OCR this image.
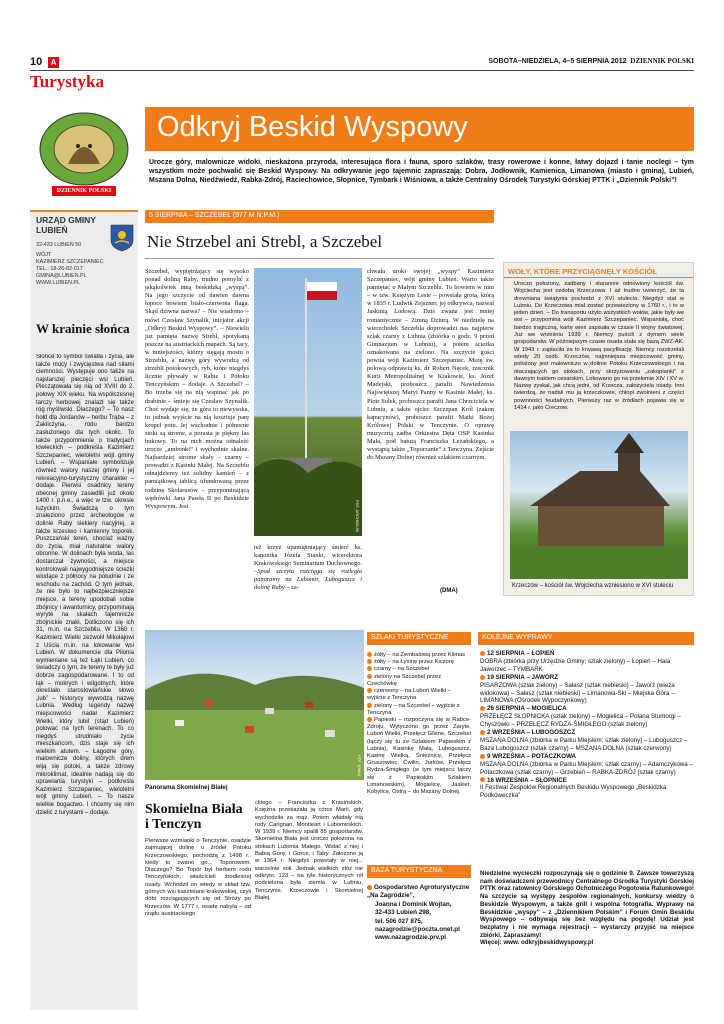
10	A	SOBOTA–NIEDZIELA, 4–5 SIERPNIA 2012 DZIENNIK POLSKI
Turystyka
DZIENNIK POLSKI
Odkryj Beskid Wyspowy
Urocze góry, malownicze widoki, nieskażona przyroda, interesująca flora i fauna, sporo szlaków, trasy rowerowe i konne, łatwy dojazd i tanie noclegi – tym wszystkim może pochwalić się Beskid Wyspowy. Na odkrywanie jego tajemnic zapraszają: Dobra, Jodłownik, Kamienica, Limanowa (miasto i gmina), Lubień, Mszana Dolna, Niedźwiedź, Rabka-Zdrój, Raciechowice, Słopnice, Tymbark i Wiśniowa, a także Centralny Ośrodek Turystyki Górskiej PTTK i „Dziennik Polski”!
URZĄD GMINY LUBIEŃ
32-433 LUBIEŃ 50
WÓJT
KAZIMIERZ SZCZEPANIEC
TEL.: 18-26-82-017
GMINA@LUBIEN.PL
WWW.LUBIEN.PL
W krainie słońca
Słońce to symbol światła i życia, ale także mocy i zwycięstwa nad siłami ciemności. Występuje ono także na najstarszej pieczęci wsi Lubień. Pieczątowała się nią od XVIII do 2. połowy XIX wieku. Na współczesnej tarczy herbowej znalazł się także róg myśliwski. Dlaczego? – To nasz hołd dla Jordanów – herbu Trąba – z Zakliczyna, rodu bardzo zasłużonego dla tych okolic. To także przypomnienie o tradycjach łowieckich – podkreśla Kazimierz Szczepaniec, wieloletni wójt gminy Lubień. – Wspaniałe symbolizuje również walory naszej gminy i jej rekreacyjno-turystyczny charakter – dodaje. Pierwsi osadnicy tereny obecnej gminy zasiedlili już około 1400 r. p.n.e., a więc w tzw. okresie łużyckim. Świadczą o tym znaleziono przez archeologów w dolinie Raby siekiery nacyjnej, a także krzesiwo i kamienny toporek. Puszczański teren, chociaż ważny do życia, miał naturalne walory obronne. W dolinach była woda, las dostarczał żywności, a miejsce kontrolowali najwygodniejsze ścieżki wiodące z północy na południe i ze wschodu na zachód. O tym jednak, że nie było to najbezpieczniejsze miejsce, a tereny upodobali sobie zbójnicy i awanturnicy, przypominają wyryte na skałach tajemnicze zbójnickie znaki. Dolliczono się ich 31, m.in. na Szczebliu. W 1360 r. Kazimierz Wielki zezwolił Mikołajowi z Uścia m.in. na lokowanie wsi Lubień. W dokumencie dla Pilonia wymieniane są też Łąki Lubień, co świadczy o tym, że tereny te były już dobrze zagospodarowane. I to od łąk – mokrych i wilgotnych, które określało staroslowiańskie słowo „lub” – historycy wywodzą nazwę Lubnia. Według legendy nazwę miejscowości nadał Kazimierz Wielki, który lubił (stąd Lubień) polować na tych terenach. To co niegdyś utrudniało życie mieszkańcom, dziś staje się ich wielkim atutem. – Łagodne góry, malownicze doliny, których drem wiją się potoki, a także zdrowy mikroklimat, idealnie nadają się do uprawiania turystyki – podkreśla Kazimierz Szczepaniec, wieloletni wójt gminy Lubień. – To nasze wielkie bogactwo. I chcemy się nim dzielić z turystami – dodaje.
5 SIERPNIA – SZCZEBEL (977 M N.P.M.)
Nie Strzebel ani Strebl, a Szczebel
Szczebel, wypiętrzający się wysoko ponad doliną Raby, trudno pomylić z jakąkolwiek inną beskidzką „wyspą”. Na jego szczycie od dawien dawna łopoce bowiem biało-czerwona flaga. Skąd dziwna nazwa? – Nie wiadomo – mówi Czesław Szynalik, inicjator akcji „Odkryj Beskid Wyspowy”. – Niewielu już pamięta nazwę Strebl, spotykaną jeszcze na austriackich mapach. Są tacy, w mniejszości, którzy sięgają mostu o Strzeblu, a nazwę góry wywodzą od strzebli potokowych, ryb, które niegdyś licznie pływały w Rabie i Potoku Tenczyńskim – dodaje. A Szczebel? – Bo trzeba się na nią wspinać jak po drabinie – śmieje się Czesław Szynalik. Choć wydaje się, że góra to niewysoka, to jednak wyjście na nią kosztuje parę kropel potu. Jej wschodnie i północne stoki są strome, a porasta je piękny las bukowy. To na nich można odnaleźć urocze „ambonki” i wychodnie skalne. Najbardziej strome skały – czarny – prowadzi z Kasinki Małej. Na Szczeblu odnajdziemy też solidny kamień – z pamiątkową tablicą ufundowaną przez rodzinę Skolarusów – przypominającą wędrówki Jana Pawła II po Beskidzie Wyspowym. Jest	FOT. ARCHIWUM
też krzyż upamiętniający śmierć ks. kanonika Józefa Stanki, wicerektora Krakowskiego Seminarium Duchownego. –Spod szczytu rozciąga się rozległa panoramy na Lubomir, Luboguszcz i dolinę Raby – za-
chwała uroki swojej „wyspy” Kazimierz Szczepaniec, wójt gminy Lubień. Warto także pamiętać o Małym Szczeblu. To bowiem w nim – w tzw. Księżym Lesie – powstała grota, którą w 1835 r. Ludwik Zejszner, jej odkrywca, nazwał Jaskinią Lodową. Dziś zwana jest mniej romantycznie – Zimną Dziurą. W niedzielę na wierzchołek Szczebla doprowadzi nas najpierw szlak czarny z Lubnia (zbiórka o godz. 9 przed Gimnazjum w Lubniu), a potem ścieżka oznakowana na zielono. Na szczycie gości powita wójt Kazimierz Szczepaniec. Mszę św. polową odprawią ks. dr Robert Nęcek, rzecznik Kurii Metropolitalnej w Krakowie, ks. Józef Madejski, proboszcz parafii Nawiedzenia Najświętszej Maryi Panny w Kasinie Małej, ks. Piotr Sulek, proboszcz parafii Jana Chrzciciela w Lubniu, a także ojciec Szczepan Król (zakon kapucynów), proboszcz parafii Matki Bożej Królowej Polski w Tenczynie. O oprawę muzyczną zadba Orkiestra Dęta OSP Kasinka Mała, pod batutą Franciszka Leżańskiego, a wystąpią także „Toporzanie” z Tenczyna. Zejście do Mszany Dolnej również szlakiem czarnym.
(DMA)
WOŁY, KTÓRE PRZYCIĄGNĘŁY KOŚCIÓŁ
Uroczo położony, zadbany i starannie odnowiony kościół św. Wojciecha jest ozdobą Krzeczowa. I aż trudno uwierzyć, że ta drewniana świątynia pochodzi z XVI stulecia. Niegdyś stał w Lubniu. Do Krzeczowa miał zostać przewieziony w 1760 r., i to w jeden dzień. – Do transportu użyto wszystkich wołów, jakie były we wsi – przypomina wójt Kazimierz Szczepaniec. Wspaniałą, choć bardzo tragiczną, kartę wieś zapisała w czasie II wojny światowej. Już we wrześniu 1939 r. Niemcy puścili z dymem wiele gospodarstw. W późniejszym czasie osada stała się bazą ZWZ-AK. W 1943 r. zapłaciła za to krwawą pacyfikację. Niemcy rozstrzelali wtedy 20 osób. Krzeczów, najmniejsza miejscowość gminy, położony jest malowniczo w dolinie Potoku Krzeczowskiego i na otaczających go stokach, przy skrzyżowaniu „zakopianki” z dawnym traktem cesarskim. Lokowano go na przełomie XIV i XV w. Nazwę zyskał, jak chcą jedni, od Krzecza, założyciela osady. Inni twierdzą, że nadali mu ją krzeczkowie, chłopi zwolnieni z części powinności feudalnych. Pierwszy raz w źródłach pojawia się w 1414 r. jako Creczow.
Krzeczów – kościół św. Wojciecha wzniesiono w XVI stuleciu
FOT. (DMA)
Panorama Skomielnej Białej
Skomielna Biała i Tenczyn
Pierwsze wzmianki o Tenczynie, osadzie zajmującej dolinę u źródeł Potoku Krzeczowskiego, pochodzą z 1498 r., kiedy to zwano go... Toporowem. Dlaczego? Bo Topór był herbem rodu Tenczyńskich, właścicieli środleśnej osady. Wchodził on wtedy w skład tzw. górnych wsi kasztelanii krakowskiej, czyli dóbr rozciągających się od Stróży po Krzeczów. W 1777 r. osadę nabyła – od rządu austriackiego
ckiego – Franciszka z Krasińskich. Księżna przekazała ją córce Marii, gdy wychodziła za mąż. Potem władały nią rody Carignan, Montieart i Lubomirskich. W 1939 r. Niemcy spalili 85 gospodarstw. Skomielna Biała jest uroczo położona na stokach Lubonia Małego. Widać z niej i Babią Górę, i Gorce, i Tatry. Założono ją w 1364 r. Niegdyś powstały w niej... warzelnie soli. Jednak wielkich złóż nie odkryto. 123 – na tyle historycznych ról podzielona była ziemia w Lubniu, Tenczynie, Krzeczowie i Skomielnej Białej.
SZLAKI TURYSTYCZNE
żółty – na Zembalową przez Klimas
żółty – na Łysinę przez Kiczorę
czarny – na Szczebel
zielony na Szczebel przez Czechówkę
czerwony – na Luboń Wielki – wyjście z Tenczyna
zielony – na Szczebel – wyjście z Tenczyna
Papieski – rozpoczyna się w Rabce-Zdroju. Wytyczono go przez Zaryte, Luboń Wielki, Przełęcz Glisne, Szczebel (łączy się tu ze Szlakiem Papieskim z Lubnia), Kasinkę Małą, Luboguszcz, Kasinę Wielką, Śnieżnicę, Przełęcz Gruszowiec, Ćwilin, Jurków, Przełęcz Rydza-Śmigłego (w tym miejscu łączy się z Papieskim Szlakiem Limanowskim), Mogielicę, Jaskier, Kobylicę, Ostrą – do Mszany Dolnej.
BAZA TURYSTYCZNA
Gospodarstwo Agroturystyczne „Na Zagrodzie”,
Joanna i Dominik Wojtan,
32-433 Lubień 298,
tel. 506 027 875,
nazagrodzie@poczta.onet.pl
www.nazagrodzie.prv.pl
KOLEJNE WYPRAWY
12 SIERPNIA – ŁOPIEŃ
DOBRA (zbiórka przy Urzędzie Gminy; szlak zielony) – Łopień – Hala Jaworzec – TYMBARK
19 SIERPNIA – JAWORZ
PISARZOWA (szlak zielony) – Sałasz (szlak niebieski) – Jaworz (wieża widokowa) – Sałasz (szlak niebieski) – Limanowa-Ski – Miejska Góra – LIMANOWA (Ośrodek Wypoczynkowy)
26 SIERPNIA – MOGIELICA
PRZEŁĘCZ SŁOPNICKA (szlak zielony) – Mogielica – Polana Stumorgi – Chyszówki – PRZEŁĘCZ RYDZA-ŚMIGŁEGO (szlak zielony)
2 WRZEŚNIA – LUBOGOSZCZ
MSZANA DOLNA (zbiórka w Parku Miejskim; szlak zielony) – Luboguszcz – Baza Lubogoszcz (szlak czarny) – MSZANA DOLNA (szlak czerwony)
9 WRZEŚNIA – POTACZKOWA
MSZANA DOLNA (zbiórka w Parku Miejskim; szlak czarny) – Adamczykowa – Potaczkowa (szlak czarny) – Grzebień – RABKA-ZDRÓJ (szlak czarny)
16 WRZEŚNIA – SŁOPNICE
II Festiwal Zespołów Regionalnych Beskidu Wyspowego „Beskidzka Podkóweczka”
Niedzielne wycieczki rozpoczynają się o godzinie 9. Zawsze towarzyszą nam doświadczeni przewodnicy Centralnego Ośrodka Turystyki Górskiej PTTK oraz ratownicy Górskiego Ochotniczego Pogotowia Ratunkowego! Na szczycie są występy zespołów regionalnych, konkursy wiedzy o Beskidzie Wyspowym, a także grill i wspólna fotografia. Wyprawy na Beskidzkie „wyspy” – z „Dziennikiem Polskim” i Forum Gmin Beskidu Wyspowego – odbywają się bez względu na pogodę! Udział jest bezpłatny i nie wymaga rejestracji – wystarczy przyjść na miejsce zbiórki. Zapraszamy!
Więcej: www. odkryjbeskidwyspowy.pl
